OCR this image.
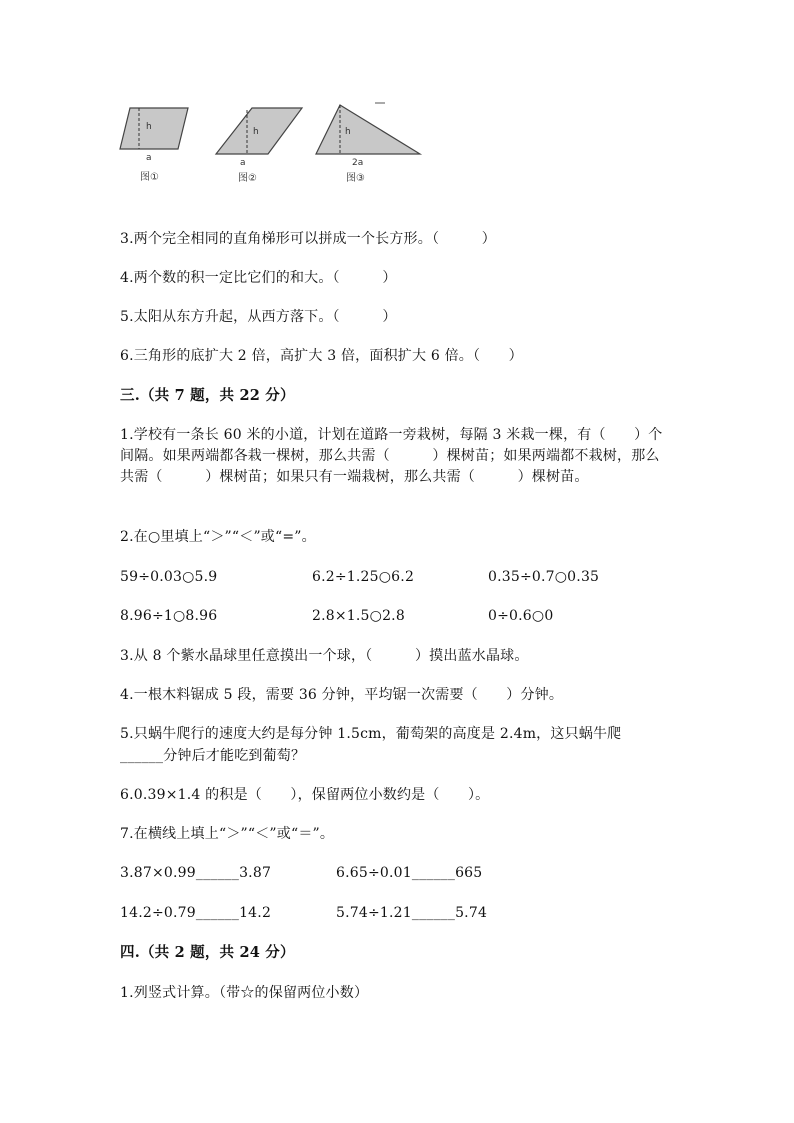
h
a
图①
h
a
图②
h
2a
图③
3.两个完全相同的直角梯形可以拼成一个长方形。（　　　）
4.两个数的积一定比它们的和大。（　　　）
5.太阳从东方升起，从西方落下。（　　　）
6.三角形的底扩大 2 倍，高扩大 3 倍，面积扩大 6 倍。（　　）
三.（共 7 题，共 22 分）
1.学校有一条长 60 米的小道，计划在道路一旁栽树，每隔 3 米栽一棵，有（　　）个间隔。如果两端都各栽一棵树，那么共需（　　　）棵树苗；如果两端都不栽树，那么共需（　　　）棵树苗；如果只有一端栽树，那么共需（　　　）棵树苗。
2.在○里填上“＞”“＜”或“=”。
59÷0.03○5.9	6.2÷1.25○6.2	0.35÷0.7○0.35
8.96÷1○8.96	2.8×1.5○2.8	0÷0.6○0
3.从 8 个紫水晶球里任意摸出一个球，（　　　）摸出蓝水晶球。
4.一根木料锯成 5 段，需要 36 分钟，平均锯一次需要（　　）分钟。
5.只蜗牛爬行的速度大约是每分钟 1.5cm，葡萄架的高度是 2.4m，这只蜗牛爬
______分钟后才能吃到葡萄？
6.0.39×1.4 的积是（　　），保留两位小数约是（　　）。
7.在横线上填上“＞”“＜”或“＝”。
3.87×0.99______3.87	6.65÷0.01______665
14.2÷0.79______14.2	5.74÷1.21______5.74
四.（共 2 题，共 24 分）
1.列竖式计算。（带☆的保留两位小数）
